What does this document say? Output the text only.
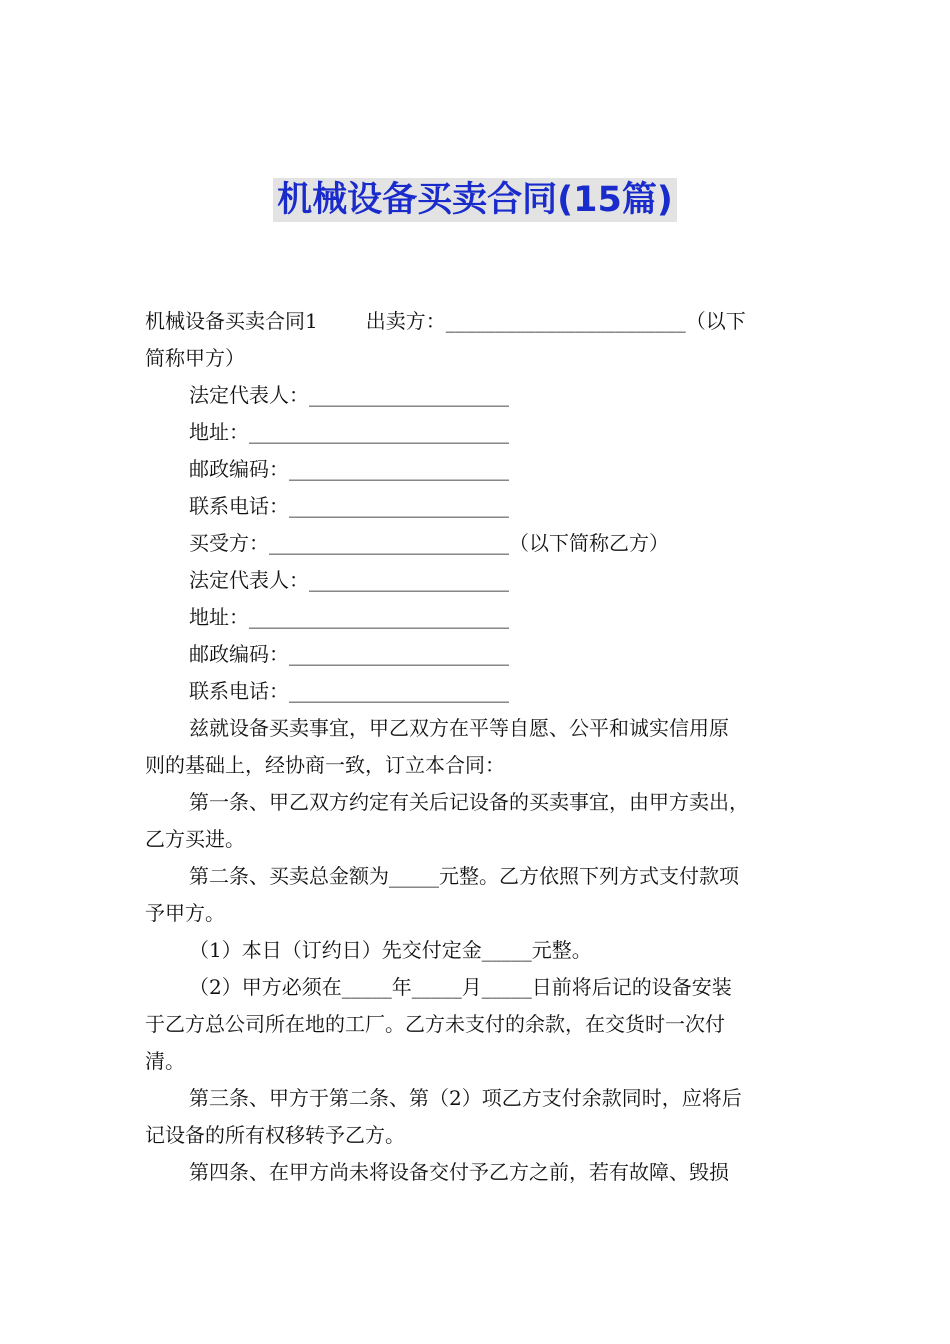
机械设备买卖合同(15篇)
机械设备买卖合同1 出卖方：________________________（以下
简称甲方）
法定代表人：____________________
地址：__________________________
邮政编码：______________________
联系电话：______________________
买受方：________________________（以下简称乙方）
法定代表人：____________________
地址：__________________________
邮政编码：______________________
联系电话：______________________
兹就设备买卖事宜，甲乙双方在平等自愿、公平和诚实信用原
则的基础上，经协商一致，订立本合同：
第一条、甲乙双方约定有关后记设备的买卖事宜，由甲方卖出，
乙方买进。
第二条、买卖总金额为_____元整。乙方依照下列方式支付款项
予甲方。
（1）本日（订约日）先交付定金_____元整。
（2）甲方必须在_____年_____月_____日前将后记的设备安装
于乙方总公司所在地的工厂。乙方未支付的余款，在交货时一次付
清。
第三条、甲方于第二条、第（2）项乙方支付余款同时，应将后
记设备的所有权移转予乙方。
第四条、在甲方尚未将设备交付予乙方之前，若有故障、毁损
